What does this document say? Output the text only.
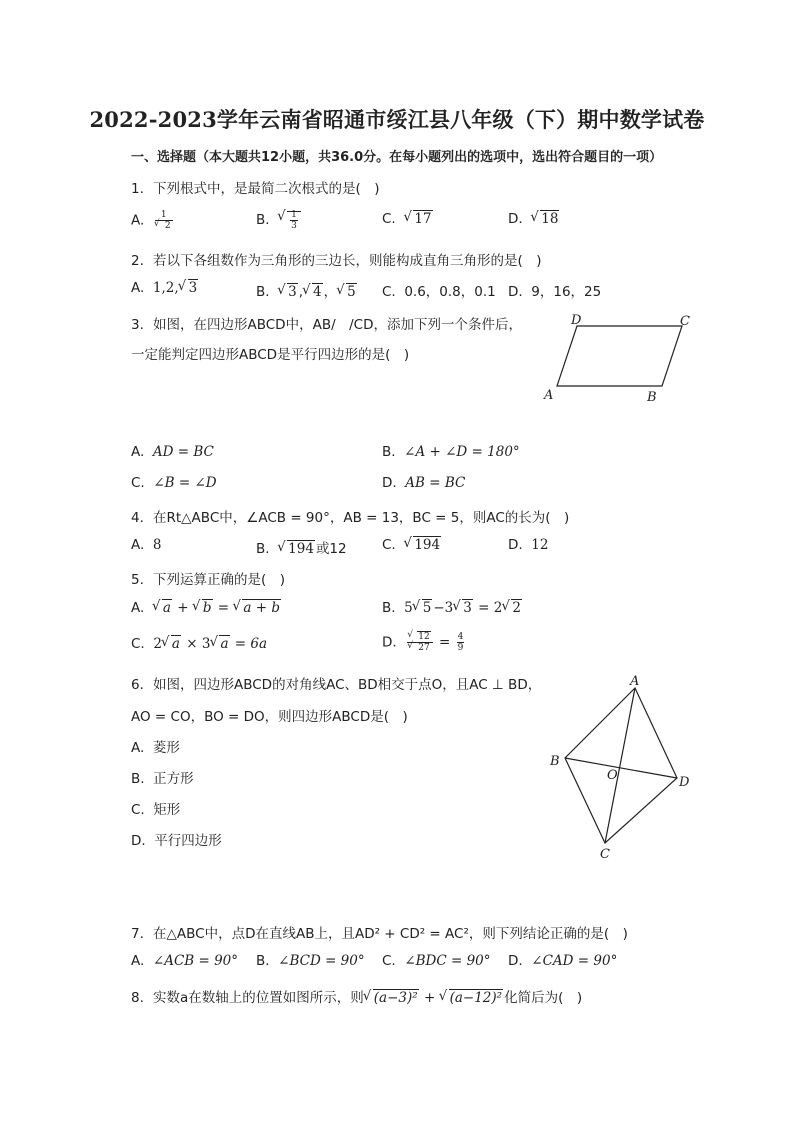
2022-2023学年云南省昭通市绥江县八年级（下）期中数学试卷
一、选择题（本大题共12小题，共36.0分。在每小题列出的选项中，选出符合题目的一项）
1. 下列根式中，是最简二次根式的是(　)
A. 1
√ 2	B. √ $\frac{1}{3}$	C. √ 17	D. √ 18
2. 若以下各组数作为三角形的三边长，则能构成直角三角形的是(　)
A. 1,2, √ 3	B. √ 3 , √ 4 ， √ 5 C. 0.6，0.8，0.1 D. 9，16，25
3. 如图，在四边形ABCD中，AB/　/CD，添加下列一个条件后，
一定能判定四边形ABCD是平行四边形的是(　)
D	C
A	B
A. AD = BC	B. ∠A + ∠D = 180°
C. ∠B = ∠D	D. AB = BC
4. 在Rt△ABC中，∠ACB = 90°，AB = 13，BC = 5，则AC的长为(　)
A. 8	B. √ 194 或12	C. √ 194	D. 12
5. 下列运算正确的是(　)
A. √ a + √ b = √ a + b	B. 5 √ 5 −3 √ 3 = 2 √ 2
C. 2 √ a × 3 √ a = 6a	D. √ 12
√ $27 = \frac{4}{9}$
6. 如图，四边形ABCD的对角线AC、BD相交于点O，且AC ⊥ BD，
AO = CO，BO = DO，则四边形ABCD是(　)
A. 菱形
B. 正方形
C. 矩形
D. 平行四边形
A
B
C
D
O
7. 在△ABC中，点D在直线AB上，且AD² + CD² = AC²，则下列结论正确的是(　)
A. ∠ACB = 90° B. ∠BCD = 90° C. ∠BDC = 90° D. ∠CAD = 90°
8. 实数a在数轴上的位置如图所示，则 √ (a−3)² + √ (a−12)² 化简后为(　)
